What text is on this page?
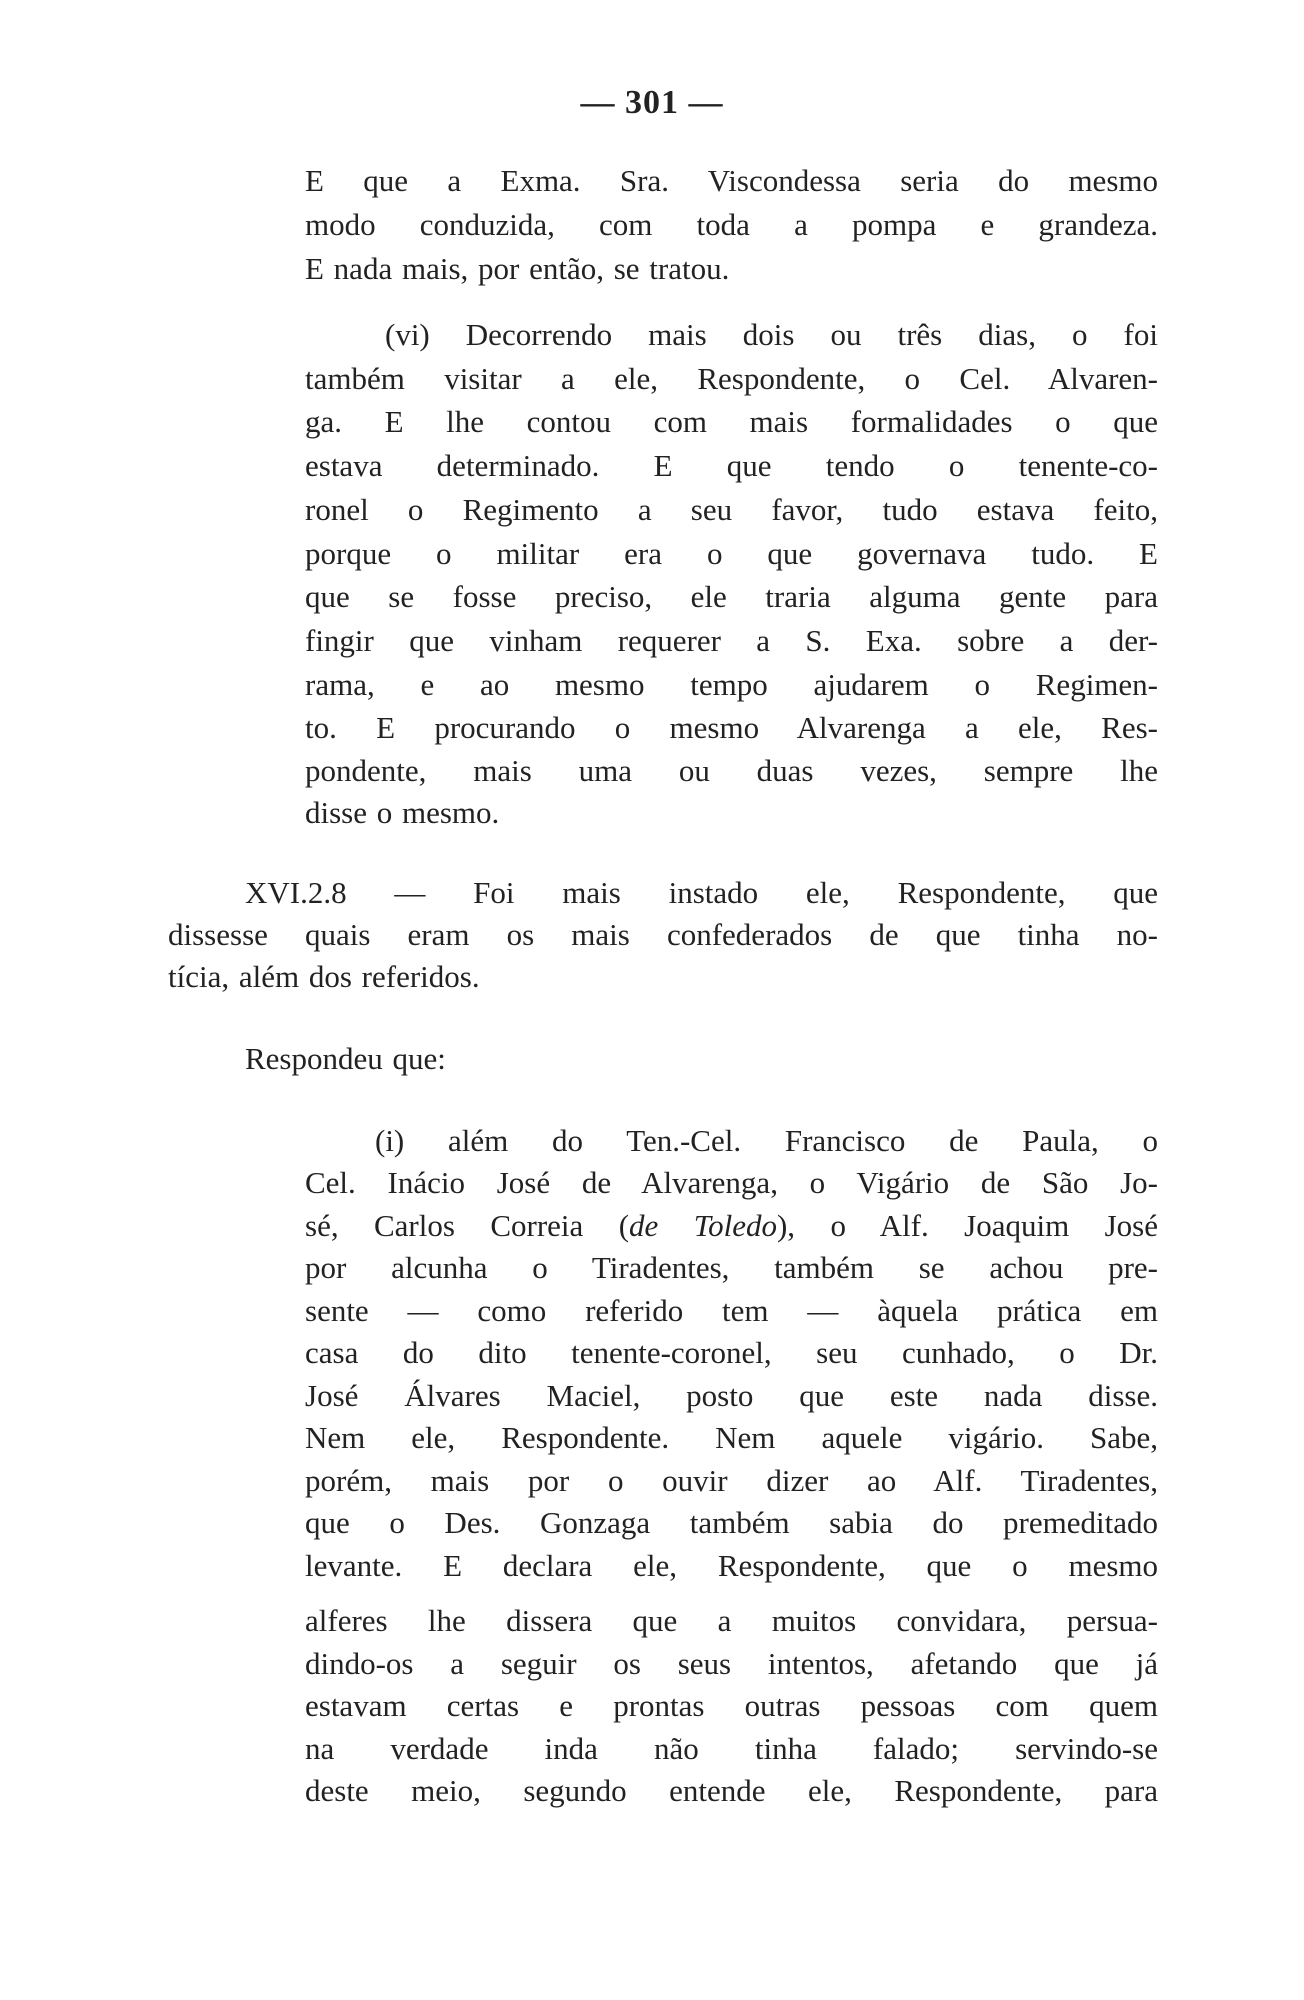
— 301 —
E que a Exma. Sra. Viscondessa seria do mesmo
modo conduzida, com toda a pompa e grandeza.
E nada mais, por então, se tratou.
(vi) Decorrendo mais dois ou três dias, o foi
também visitar a ele, Respondente, o Cel. Alvaren-
ga. E lhe contou com mais formalidades o que
estava determinado. E que tendo o tenente-co-
ronel o Regimento a seu favor, tudo estava feito,
porque o militar era o que governava tudo. E
que se fosse preciso, ele traria alguma gente para
fingir que vinham requerer a S. Exa. sobre a der-
rama, e ao mesmo tempo ajudarem o Regimen-
to. E procurando o mesmo Alvarenga a ele, Res-
pondente, mais uma ou duas vezes, sempre lhe
disse o mesmo.
XVI.2.8 — Foi mais instado ele, Respondente, que
dissesse quais eram os mais confederados de que tinha no-
tícia, além dos referidos.
Respondeu que:
(i) além do Ten.-Cel. Francisco de Paula, o
Cel. Inácio José de Alvarenga, o Vigário de São Jo-
sé, Carlos Correia (de Toledo), o Alf. Joaquim José
por alcunha o Tiradentes, também se achou pre-
sente — como referido tem — àquela prática em
casa do dito tenente-coronel, seu cunhado, o Dr.
José Álvares Maciel, posto que este nada disse.
Nem ele, Respondente. Nem aquele vigário. Sabe,
porém, mais por o ouvir dizer ao Alf. Tiradentes,
que o Des. Gonzaga também sabia do premeditado
levante. E declara ele, Respondente, que o mesmo
alferes lhe dissera que a muitos convidara, persua-
dindo-os a seguir os seus intentos, afetando que já
estavam certas e prontas outras pessoas com quem
na verdade inda não tinha falado; servindo-se
deste meio, segundo entende ele, Respondente, para
